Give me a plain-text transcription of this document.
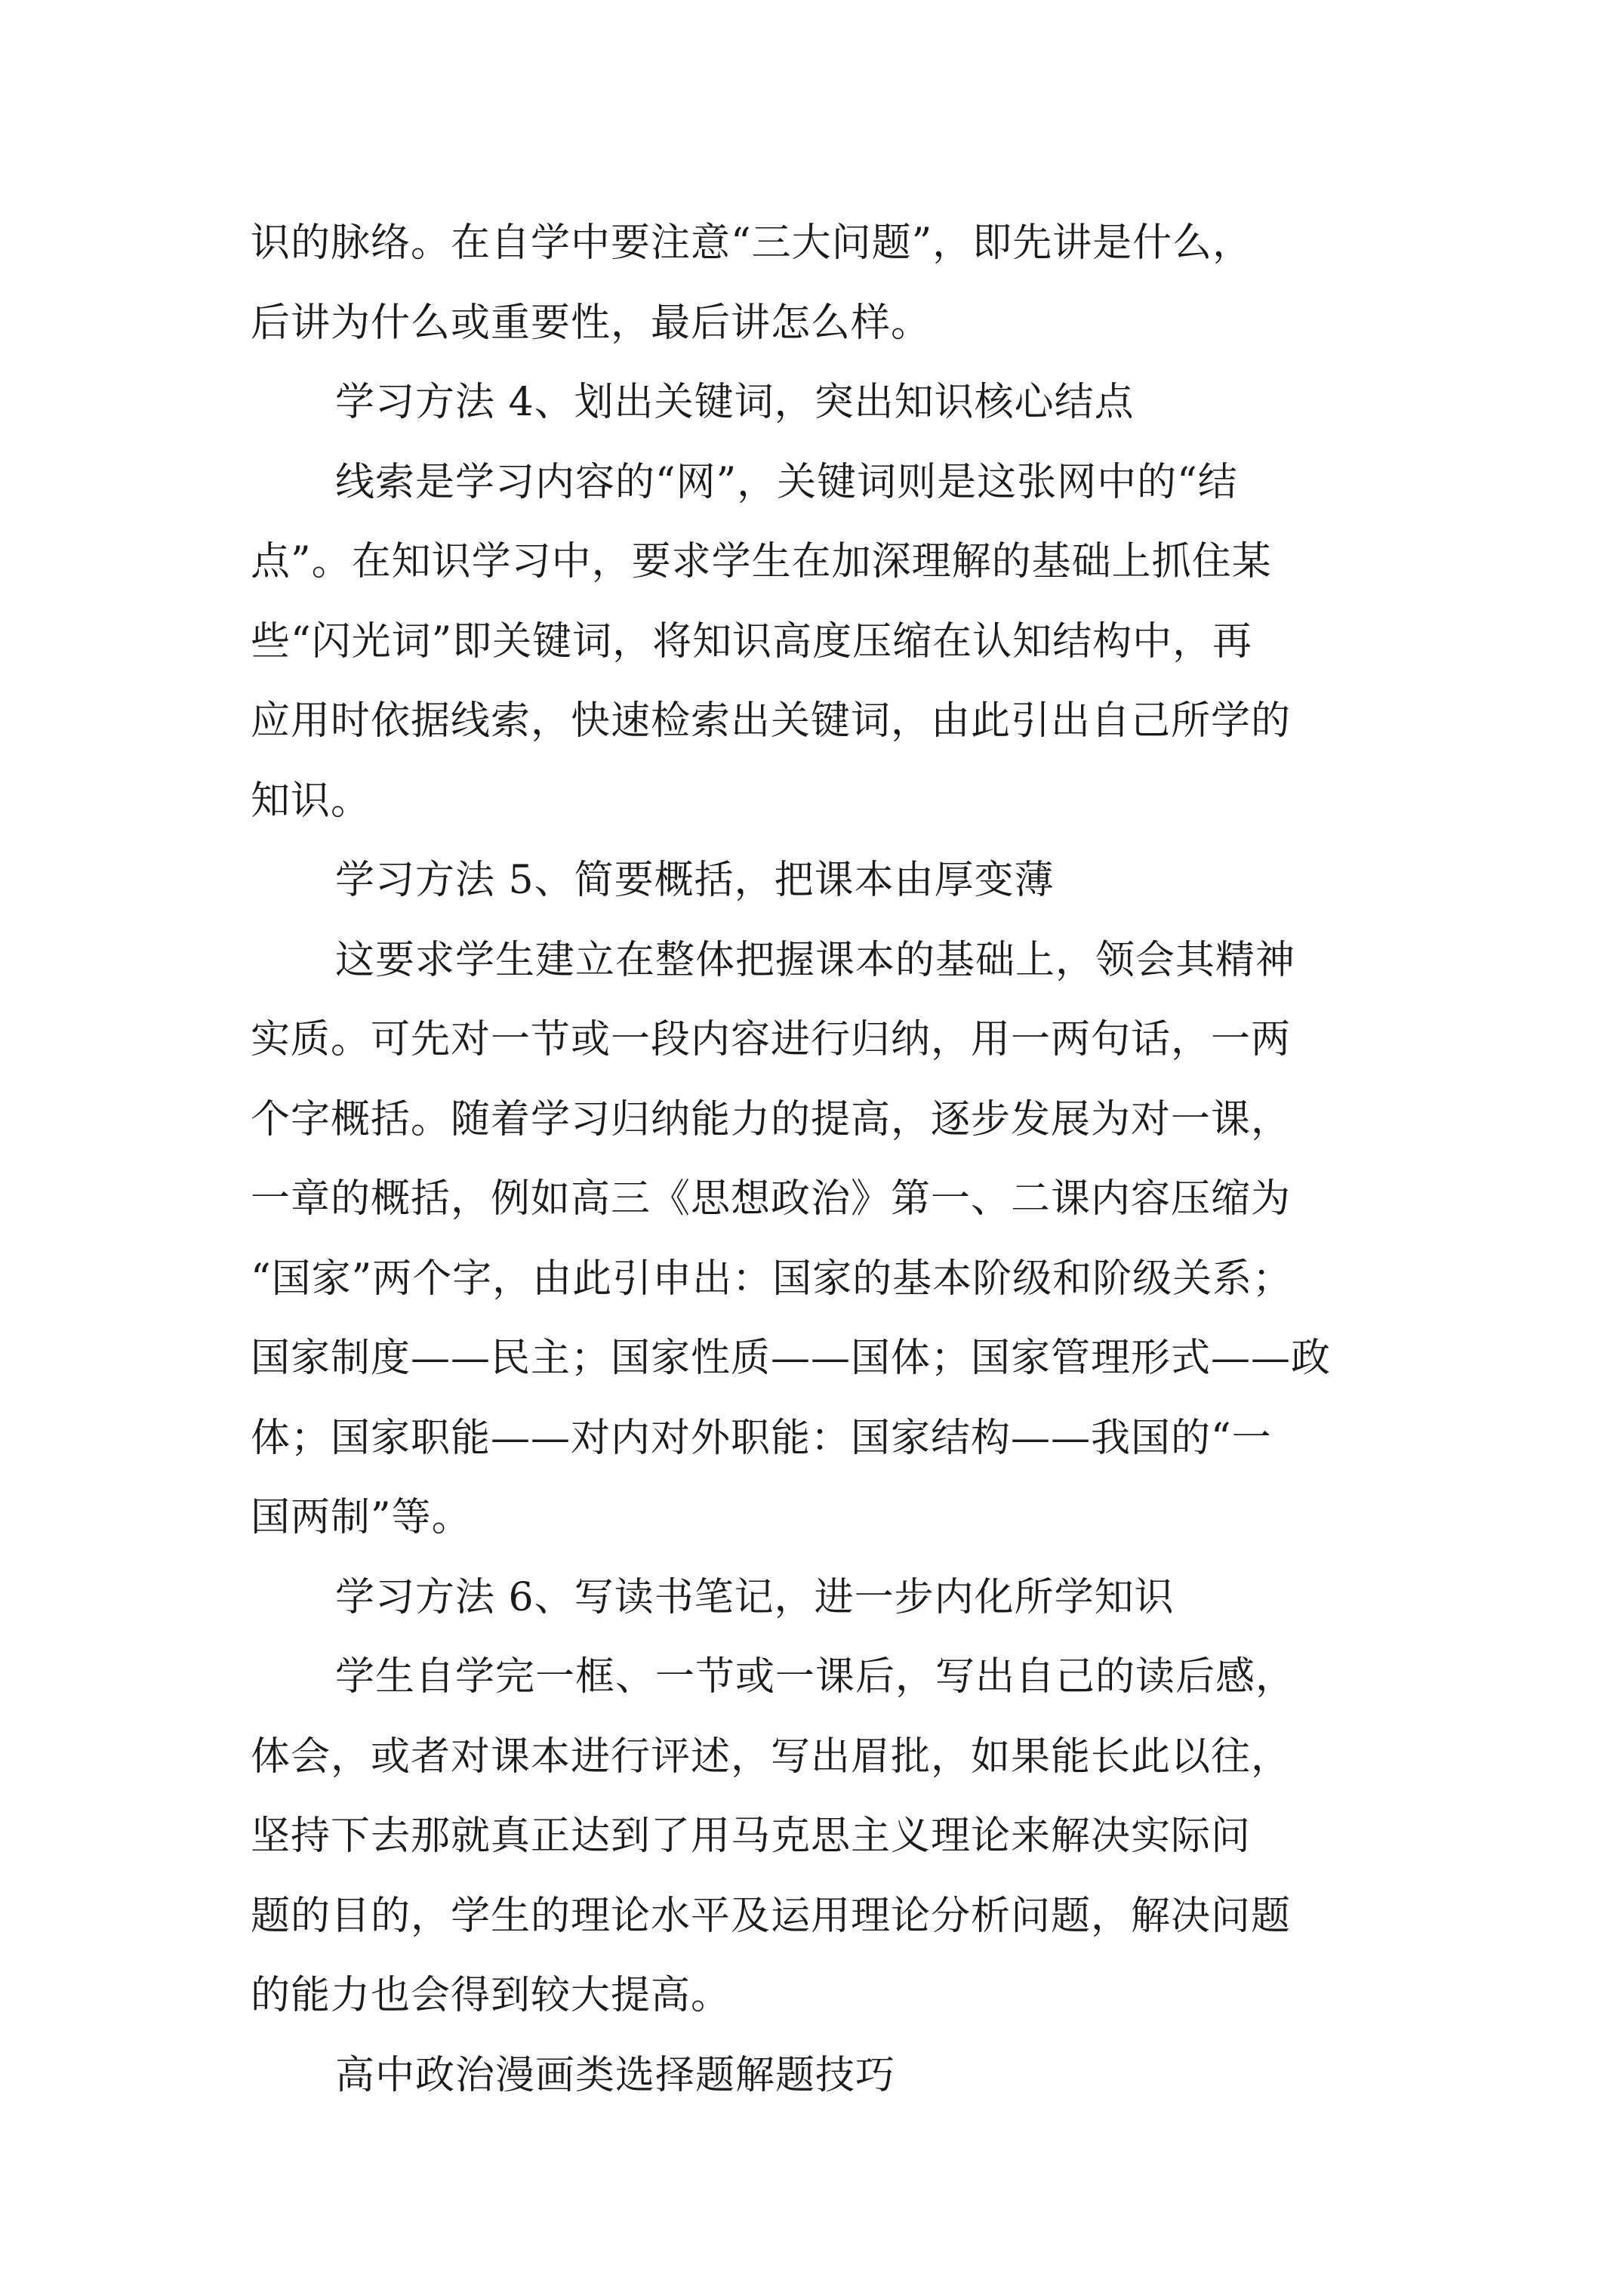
识的脉络。在自学中要注意“三大问题”，即先讲是什么，
后讲为什么或重要性，最后讲怎么样。
学习方法 4、划出关键词，突出知识核心结点
线索是学习内容的“网”，关键词则是这张网中的“结
点”。在知识学习中，要求学生在加深理解的基础上抓住某
些“闪光词”即关键词，将知识高度压缩在认知结构中，再
应用时依据线索，快速检索出关键词，由此引出自己所学的
知识。
学习方法 5、简要概括，把课本由厚变薄
这要求学生建立在整体把握课本的基础上，领会其精神
实质。可先对一节或一段内容进行归纳，用一两句话，一两
个字概括。随着学习归纳能力的提高，逐步发展为对一课，
一章的概括，例如高三《思想政治》第一、二课内容压缩为
“国家”两个字，由此引申出：国家的基本阶级和阶级关系；
国家制度——民主；国家性质——国体；国家管理形式——政
体；国家职能——对内对外职能：国家结构——我国的“一
国两制”等。
学习方法 6、写读书笔记，进一步内化所学知识
学生自学完一框、一节或一课后，写出自己的读后感，
体会，或者对课本进行评述，写出眉批，如果能长此以往，
坚持下去那就真正达到了用马克思主义理论来解决实际问
题的目的，学生的理论水平及运用理论分析问题，解决问题
的能力也会得到较大提高。
高中政治漫画类选择题解题技巧
